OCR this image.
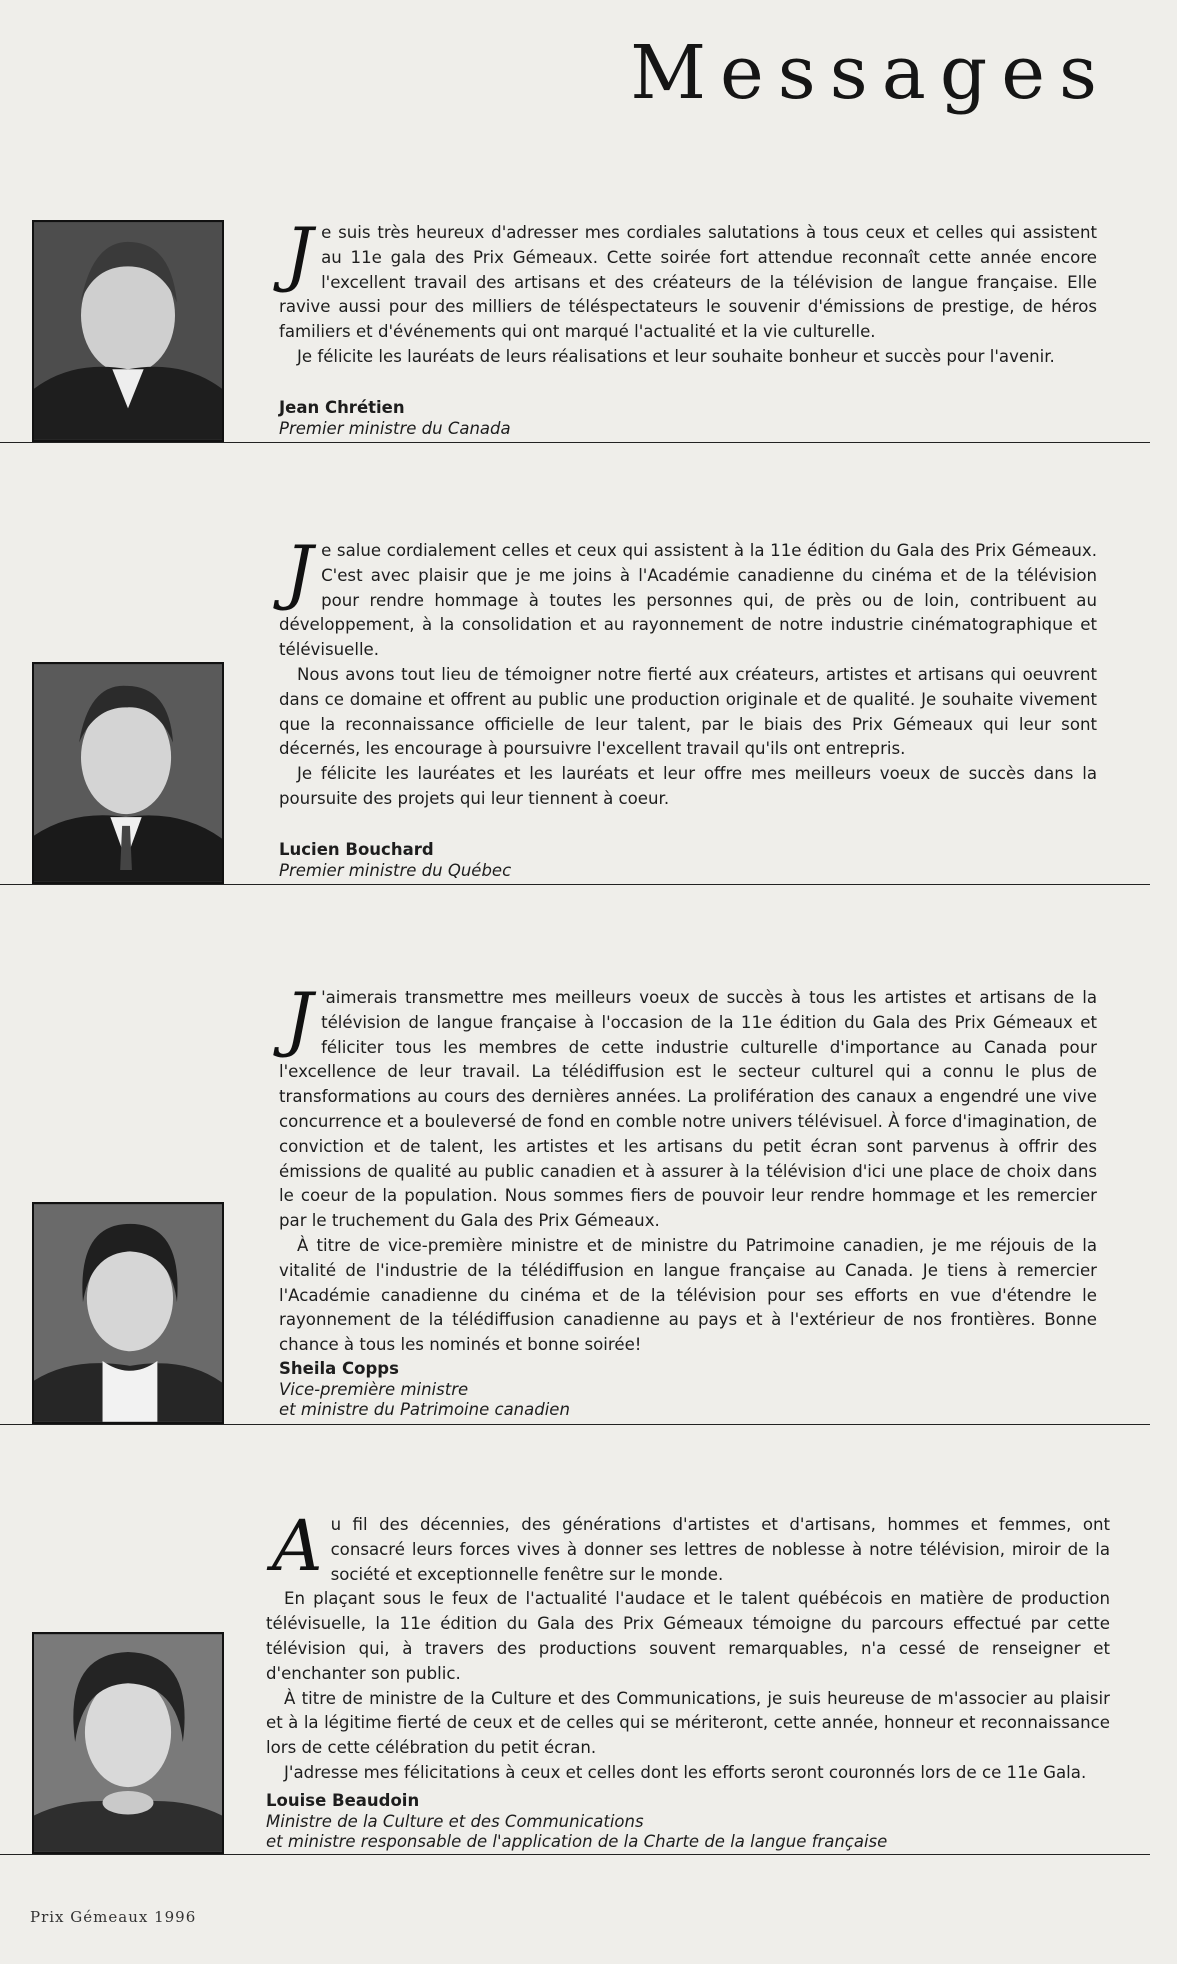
Messages

Je suis très heureux d'adresser mes cordiales salutations à tous ceux et celles qui assistent au 11e gala des Prix Gémeaux. Cette soirée fort attendue reconnaît cette année encore l'excellent travail des artisans et des créateurs de la télévision de langue française. Elle ravive aussi pour des milliers de téléspectateurs le souvenir d'émissions de prestige, de héros familiers et d'événements qui ont marqué l'actualité et la vie culturelle.

Je félicite les lauréats de leurs réalisations et leur souhaite bonheur et succès pour l'avenir.

Jean Chrétien

Premier ministre du Canada

Je salue cordialement celles et ceux qui assistent à la 11e édition du Gala des Prix Gémeaux. C'est avec plaisir que je me joins à l'Académie canadienne du cinéma et de la télévision pour rendre hommage à toutes les personnes qui, de près ou de loin, contribuent au développement, à la consolidation et au rayonnement de notre industrie cinématographique et télévisuelle.

Nous avons tout lieu de témoigner notre fierté aux créateurs, artistes et artisans qui oeuvrent dans ce domaine et offrent au public une production originale et de qualité. Je souhaite vivement que la reconnaissance officielle de leur talent, par le biais des Prix Gémeaux qui leur sont décernés, les encourage à poursuivre l'excellent travail qu'ils ont entrepris.

Je félicite les lauréates et les lauréats et leur offre mes meilleurs voeux de succès dans la poursuite des projets qui leur tiennent à coeur.

Lucien Bouchard

Premier ministre du Québec

J 'aimerais transmettre mes meilleurs voeux de succès à tous les artistes et artisans de la télévision de langue française à l'occasion de la 11e édition du Gala des Prix Gémeaux et féliciter tous les membres de cette industrie culturelle d'importance au Canada pour l'excellence de leur travail. La télédiffusion est le secteur culturel qui a connu le plus de transformations au cours des dernières années. La prolifération des canaux a engendré une vive concurrence et a bouleversé de fond en comble notre univers télévisuel. À force d'imagination, de conviction et de talent, les artistes et les artisans du petit écran sont parvenus à offrir des émissions de qualité au public canadien et à assurer à la télévision d'ici une place de choix dans le coeur de la population. Nous sommes fiers de pouvoir leur rendre hommage et les remercier par le truchement du Gala des Prix Gémeaux.

À titre de vice-première ministre et de ministre du Patrimoine canadien, je me réjouis de la vitalité de l'industrie de la télédiffusion en langue française au Canada. Je tiens à remercier l'Académie canadienne du cinéma et de la télévision pour ses efforts en vue d'étendre le rayonnement de la télédiffusion canadienne au pays et à l'extérieur de nos frontières. Bonne chance à tous les nominés et bonne soirée!

Sheila Copps

Vice-première ministre

et ministre du Patrimoine canadien

Au fil des décennies, des générations d'artistes et d'artisans, hommes et femmes, ont consacré leurs forces vives à donner ses lettres de noblesse à notre télévision, miroir de la société et exceptionnelle fenêtre sur le monde.

En plaçant sous le feux de l'actualité l'audace et le talent québécois en matière de production télévisuelle, la 11e édition du Gala des Prix Gémeaux témoigne du parcours effectué par cette télévision qui, à travers des productions souvent remarquables, n'a cessé de renseigner et d'enchanter son public.

À titre de ministre de la Culture et des Communications, je suis heureuse de m'associer au plaisir et à la légitime fierté de ceux et de celles qui se mériteront, cette année, honneur et reconnaissance lors de cette célébration du petit écran.

J'adresse mes félicitations à ceux et celles dont les efforts seront couronnés lors de ce 11e Gala.

Louise Beaudoin

Ministre de la Culture et des Communications

et ministre responsable de l'application de la Charte de la langue française

Prix Gémeaux 1996
